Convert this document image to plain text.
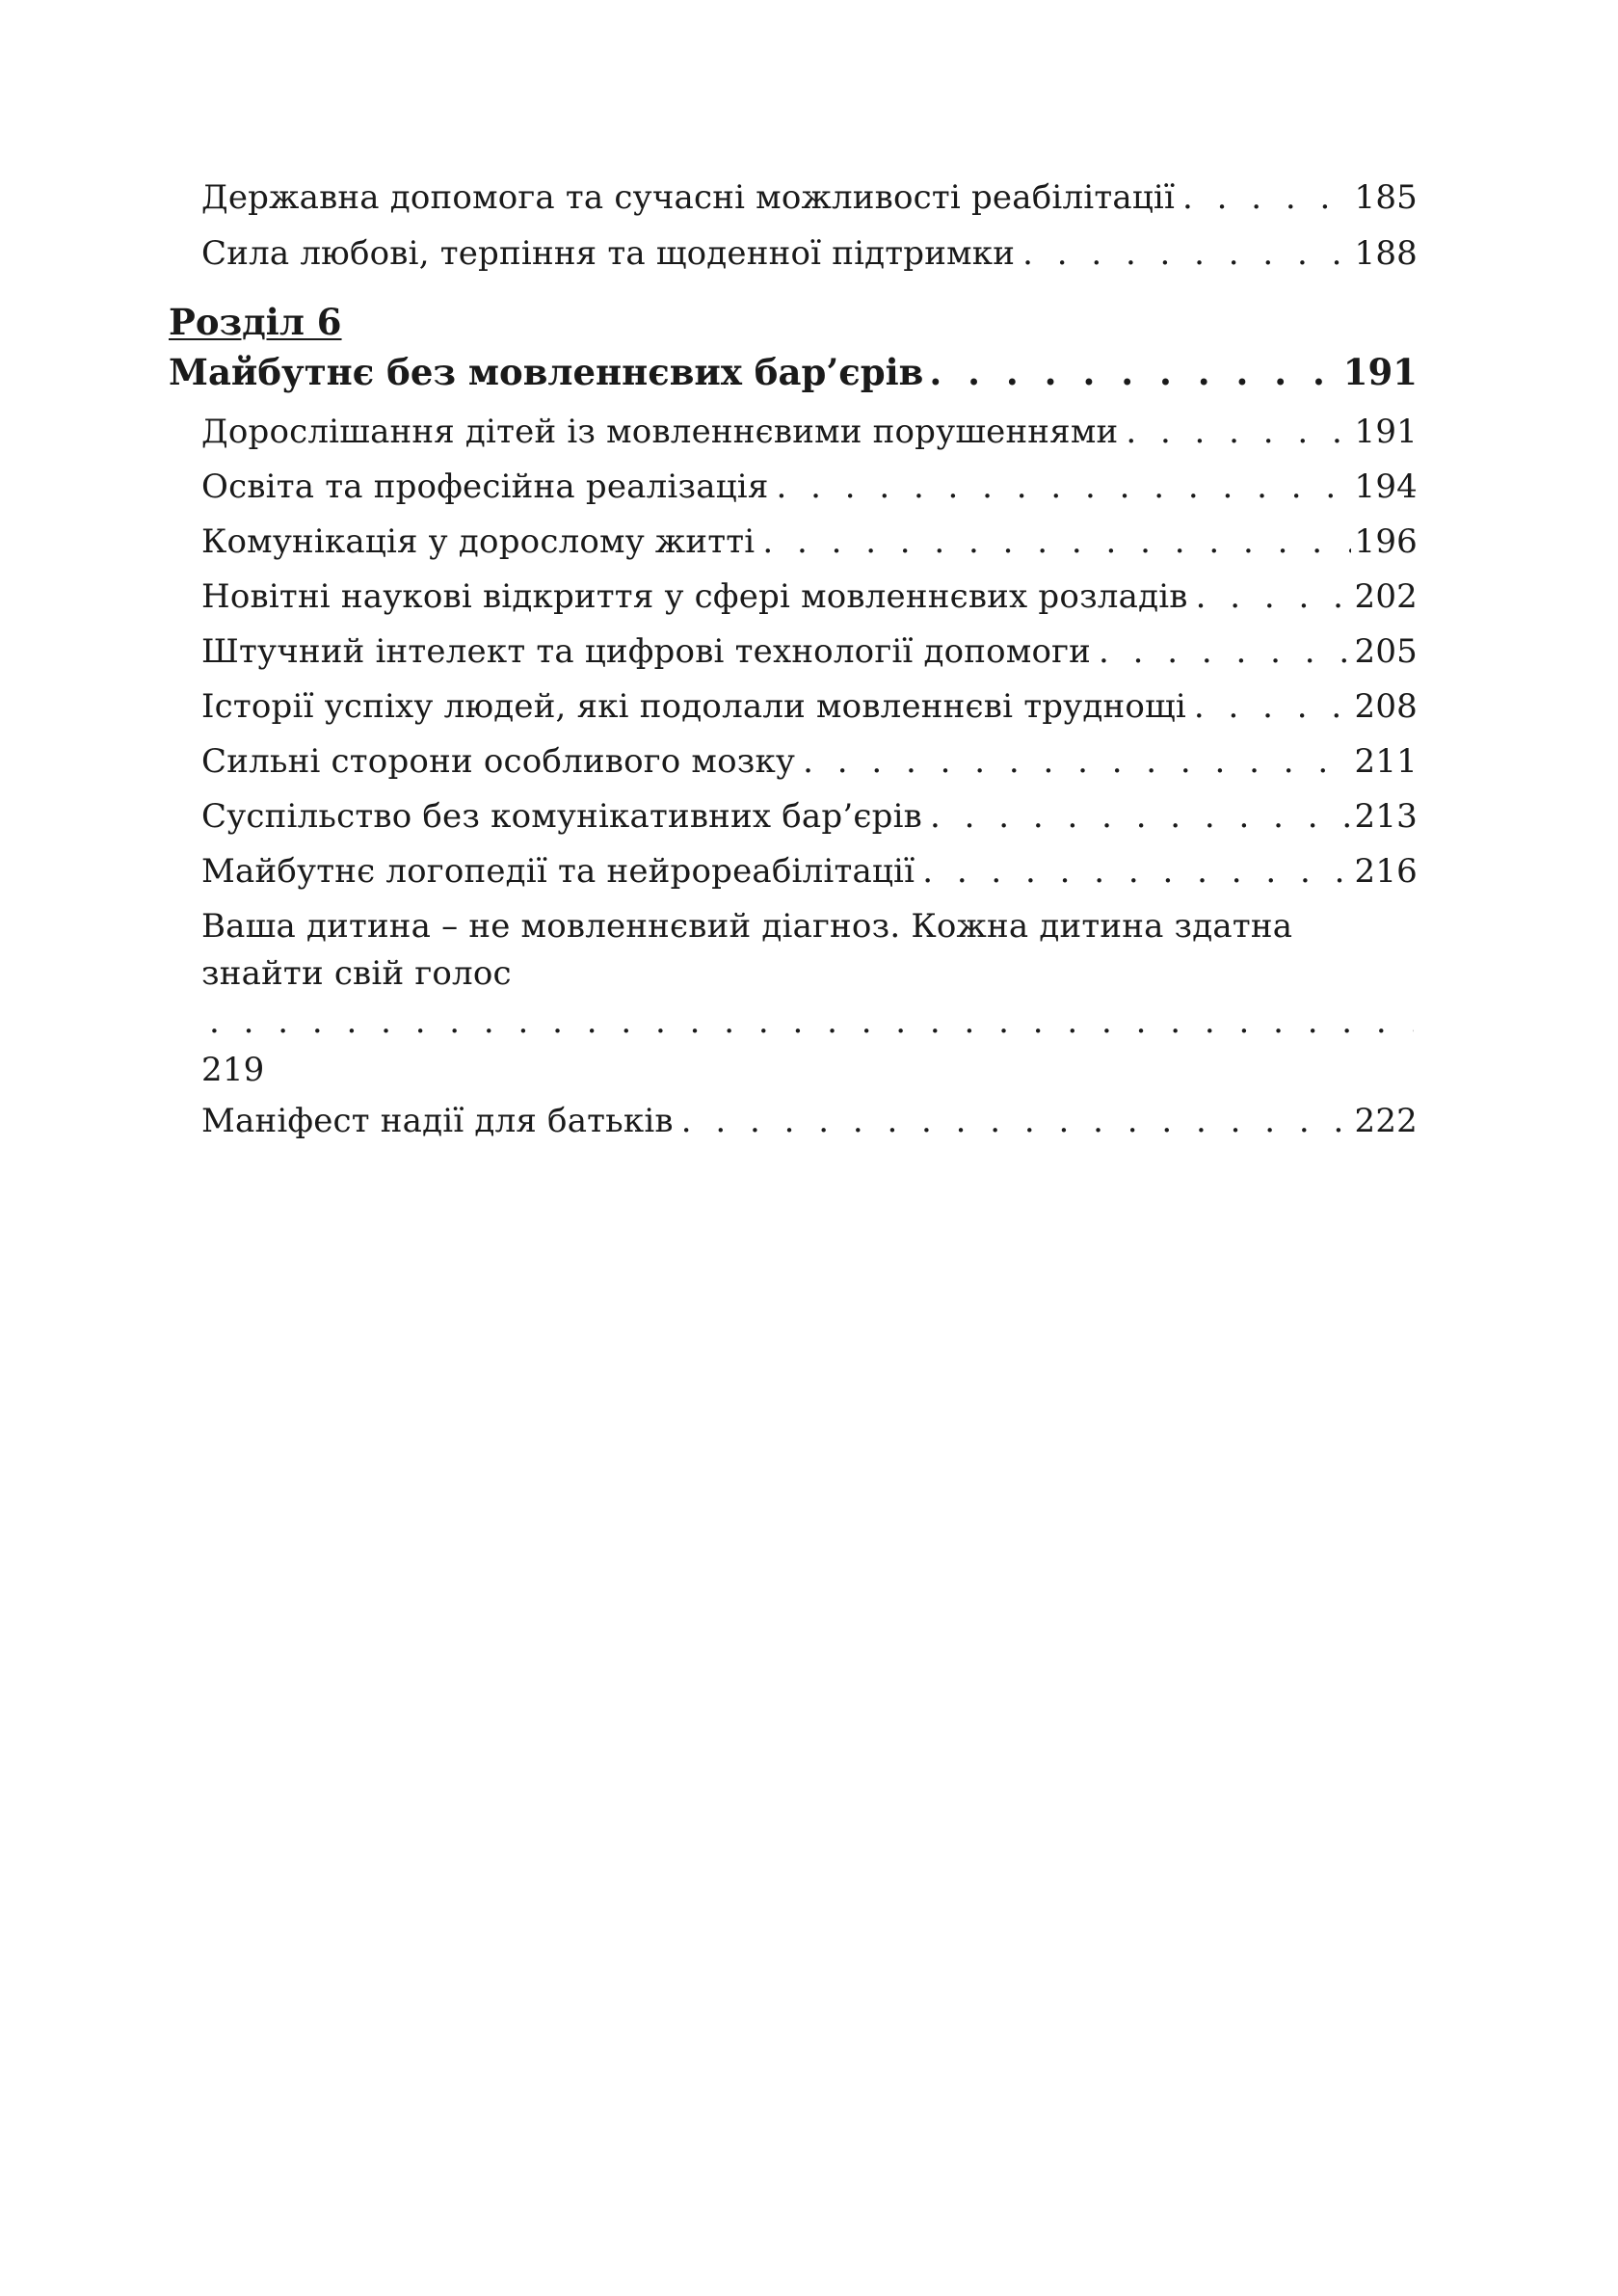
Державна допомога та сучасні можливості реабілітації . . .	185
Сила любові, терпіння та щоденної підтримки . . .	188
Розділ 6
Майбутнє без мовленнєвих бар’єрів . . .	191
Дорослішання дітей із мовленнєвими порушеннями . . .	191
Освіта та професійна реалізація . . .	194
Комунікація у дорослому житті . . .	196
Новітні наукові відкриття у сфері мовленнєвих розладів . . .	202
Штучний інтелект та цифрові технології допомоги . . .	205
Історії успіху людей, які подолали мовленнєві труднощі . . .	208
Сильні сторони особливого мозку . . .	211
Суспільство без комунікативних бар’єрів . . .	213
Майбутнє логопедії та нейрореабілітації . . .	216
Ваша дитина – не мовленнєвий діагноз. Кожна дитина здатна
знайти свій голос
. . .
219
Маніфест надії для батьків . . .	222
